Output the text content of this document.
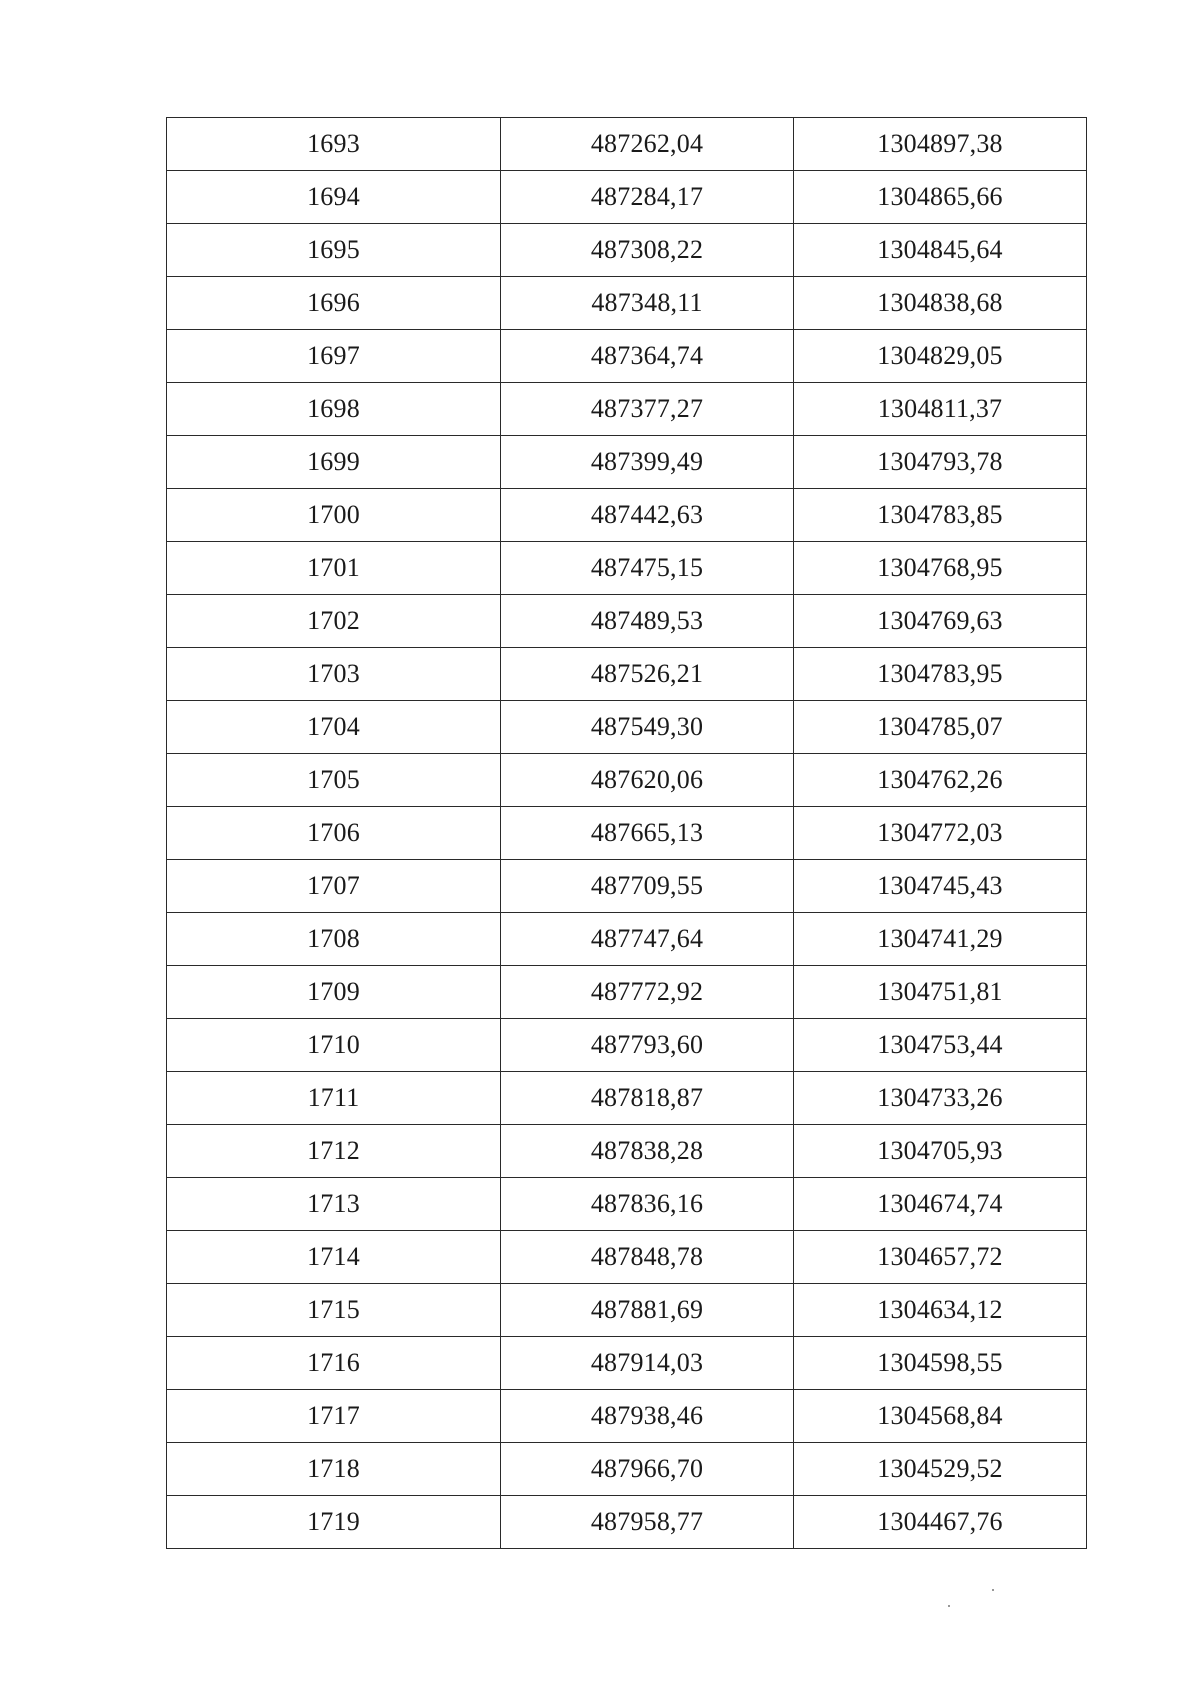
1693	487262,04	1304897,38
1694	487284,17	1304865,66
1695	487308,22	1304845,64
1696	487348,11	1304838,68
1697	487364,74	1304829,05
1698	487377,27	1304811,37
1699	487399,49	1304793,78
1700	487442,63	1304783,85
1701	487475,15	1304768,95
1702	487489,53	1304769,63
1703	487526,21	1304783,95
1704	487549,30	1304785,07
1705	487620,06	1304762,26
1706	487665,13	1304772,03
1707	487709,55	1304745,43
1708	487747,64	1304741,29
1709	487772,92	1304751,81
1710	487793,60	1304753,44
1711	487818,87	1304733,26
1712	487838,28	1304705,93
1713	487836,16	1304674,74
1714	487848,78	1304657,72
1715	487881,69	1304634,12
1716	487914,03	1304598,55
1717	487938,46	1304568,84
1718	487966,70	1304529,52
1719	487958,77	1304467,76
